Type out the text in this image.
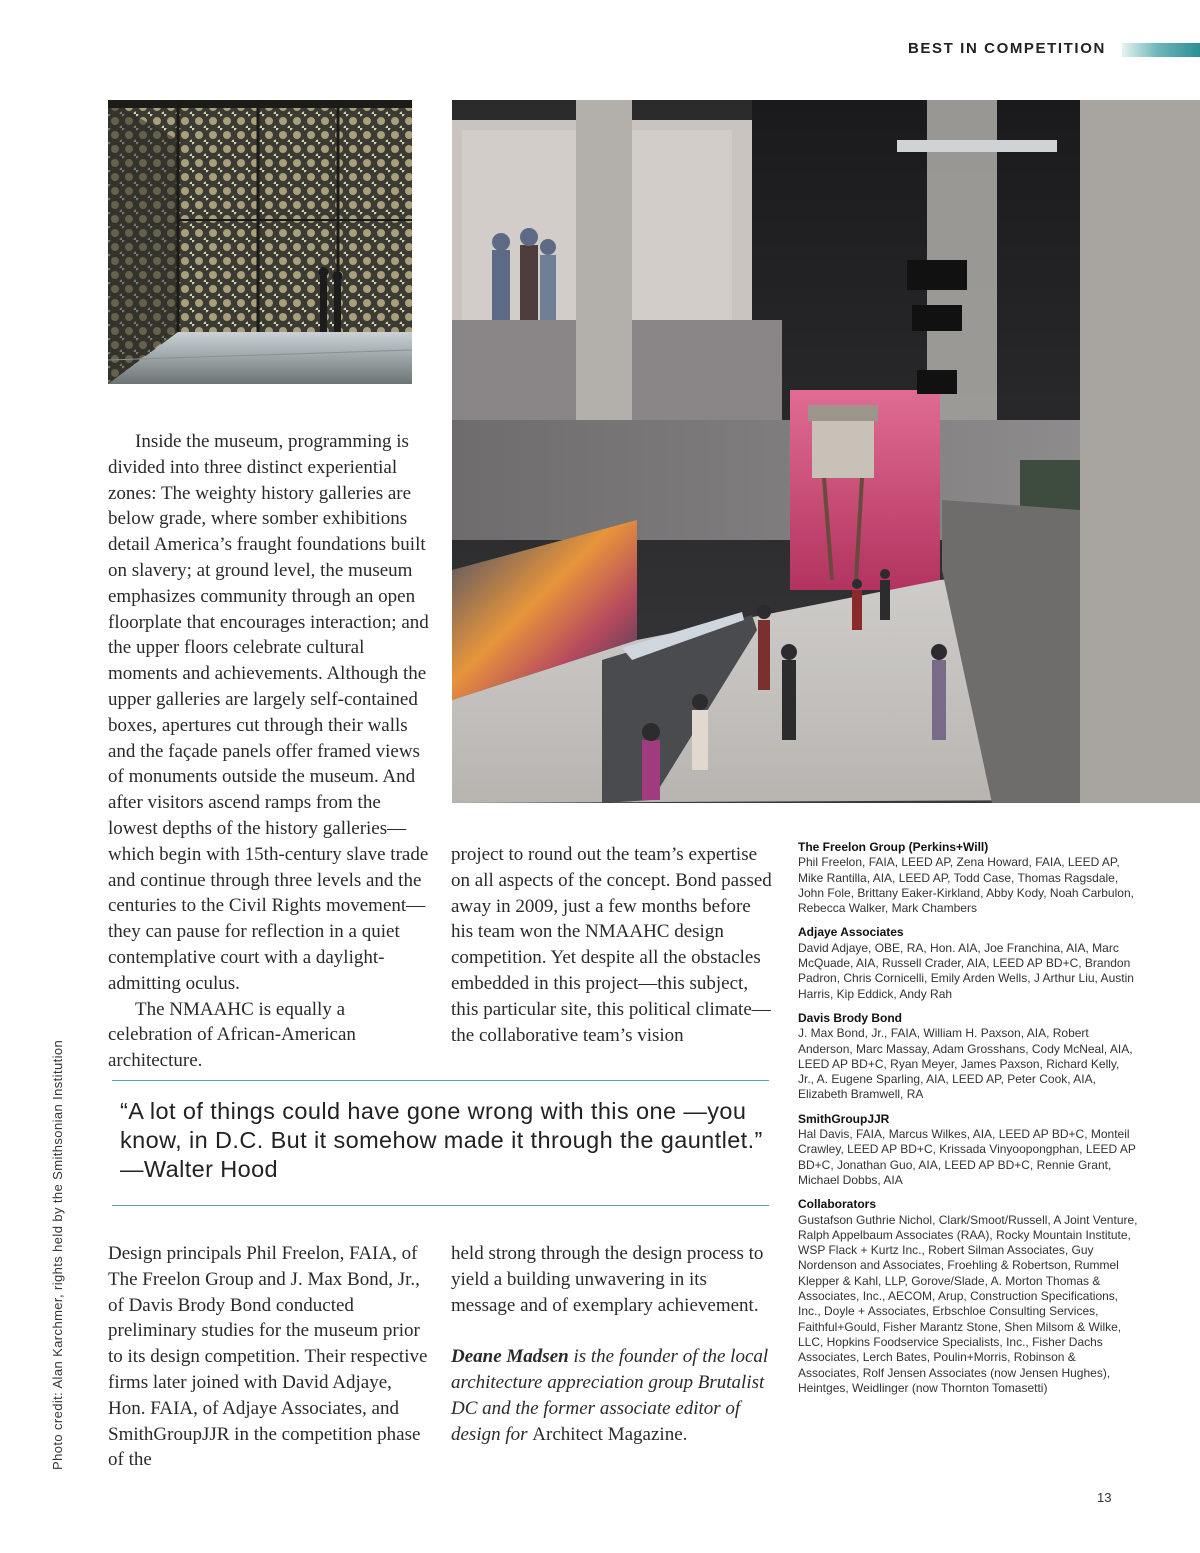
BEST IN COMPETITION

Inside the museum, programming is divided into three distinct experiential zones: The weighty history galleries are below grade, where somber exhibitions detail America’s fraught foundations built on slavery; at ground level, the museum emphasizes community through an open floorplate that encourages interaction; and the upper floors celebrate cultural moments and achievements. Although the upper galleries are largely self-contained boxes, apertures cut through their walls and the façade panels offer framed views of monuments outside the museum. And after visitors ascend ramps from the lowest depths of the history galleries—which begin with 15th-century slave trade and continue through three levels and the centuries to the Civil Rights movement—they can pause for reflection in a quiet contemplative court with a daylight-admitting oculus.

The NMAAHC is equally a celebration of African-American architecture.

project to round out the team’s expertise on all aspects of the concept. Bond passed away in 2009, just a few months before his team won the NMAAHC design competition. Yet despite all the obstacles embedded in this project—this subject, this particular site, this political climate—the collaborative team’s vision

“A lot of things could have gone wrong with this one —you know, in D.C. But it somehow made it through the gauntlet.” —Walter Hood

Design principals Phil Freelon, FAIA, of The Freelon Group and J. Max Bond, Jr., of Davis Brody Bond conducted preliminary studies for the museum prior to its design competition. Their respective firms later joined with David Adjaye, Hon. FAIA, of Adjaye Associates, and SmithGroupJJR in the competition phase of the

held strong through the design process to yield a building unwavering in its message and of exemplary achievement.

Deane Madsen is the founder of the local architecture appreciation group Brutalist DC and the former associate editor of design for Architect Magazine.

The Freelon Group (Perkins+Will)

Phil Freelon, FAIA, LEED AP, Zena Howard, FAIA, LEED AP, Mike Rantilla, AIA, LEED AP, Todd Case, Thomas Ragsdale, John Fole, Brittany Eaker-Kirkland, Abby Kody, Noah Carbulon, Rebecca Walker, Mark Chambers

Adjaye Associates

David Adjaye, OBE, RA, Hon. AIA, Joe Franchina, AIA, Marc McQuade, AIA, Russell Crader, AIA, LEED AP BD+C, Brandon Padron, Chris Cornicelli, Emily Arden Wells, J Arthur Liu, Austin Harris, Kip Eddick, Andy Rah

Davis Brody Bond

J. Max Bond, Jr., FAIA, William H. Paxson, AIA, Robert Anderson, Marc Massay, Adam Grosshans, Cody McNeal, AIA, LEED AP BD+C, Ryan Meyer, James Paxson, Richard Kelly, Jr., A. Eugene Sparling, AIA, LEED AP, Peter Cook, AIA, Elizabeth Bramwell, RA

SmithGroupJJR

Hal Davis, FAIA, Marcus Wilkes, AIA, LEED AP BD+C, Monteil Crawley, LEED AP BD+C, Krissada Vinyoopongphan, LEED AP BD+C, Jonathan Guo, AIA, LEED AP BD+C, Rennie Grant, Michael Dobbs, AIA

Collaborators

Gustafson Guthrie Nichol, Clark/Smoot/Russell, A Joint Venture, Ralph Appelbaum Associates (RAA), Rocky Mountain Institute, WSP Flack + Kurtz Inc., Robert Silman Associates, Guy Nordenson and Associates, Froehling & Robertson, Rummel Klepper & Kahl, LLP, Gorove/Slade, A. Morton Thomas & Associates, Inc., AECOM, Arup, Construction Specifications, Inc., Doyle + Associates, Erbschloe Consulting Services, Faithful+Gould, Fisher Marantz Stone, Shen Milsom & Wilke, LLC, Hopkins Foodservice Specialists, Inc., Fisher Dachs Associates, Lerch Bates, Poulin+Morris, Robinson & Associates, Rolf Jensen Associates (now Jensen Hughes), Heintges, Weidlinger (now Thornton Tomasetti)

Photo credit: Alan Karchmer, rights held by the Smithsonian Institution
13
